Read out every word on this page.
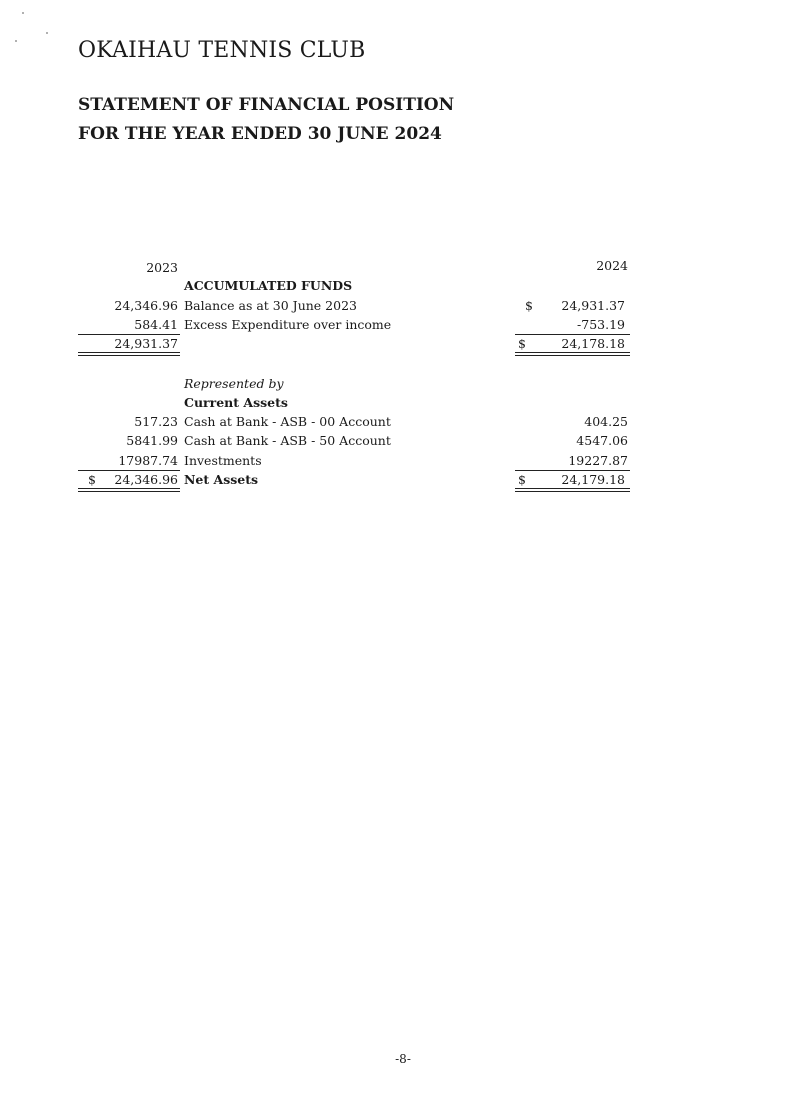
OKAIHAU TENNIS CLUB
STATEMENT OF FINANCIAL POSITION
FOR THE YEAR ENDED 30 JUNE 2024
2023	2024
ACCUMULATED FUNDS
24,346.96 Balance as at 30 June 2023	$	24,931.37
584.41 Excess Expenditure over income	-753.19
24,931.37	$	24,178.18
Represented by
Current Assets
517.23 Cash at Bank - ASB - 00 Account	404.25
5841.99 Cash at Bank - ASB - 50 Account	4547.06
17987.74 Investments	19227.87
$	24,346.96 Net Assets	$	24,179.18
-8-
